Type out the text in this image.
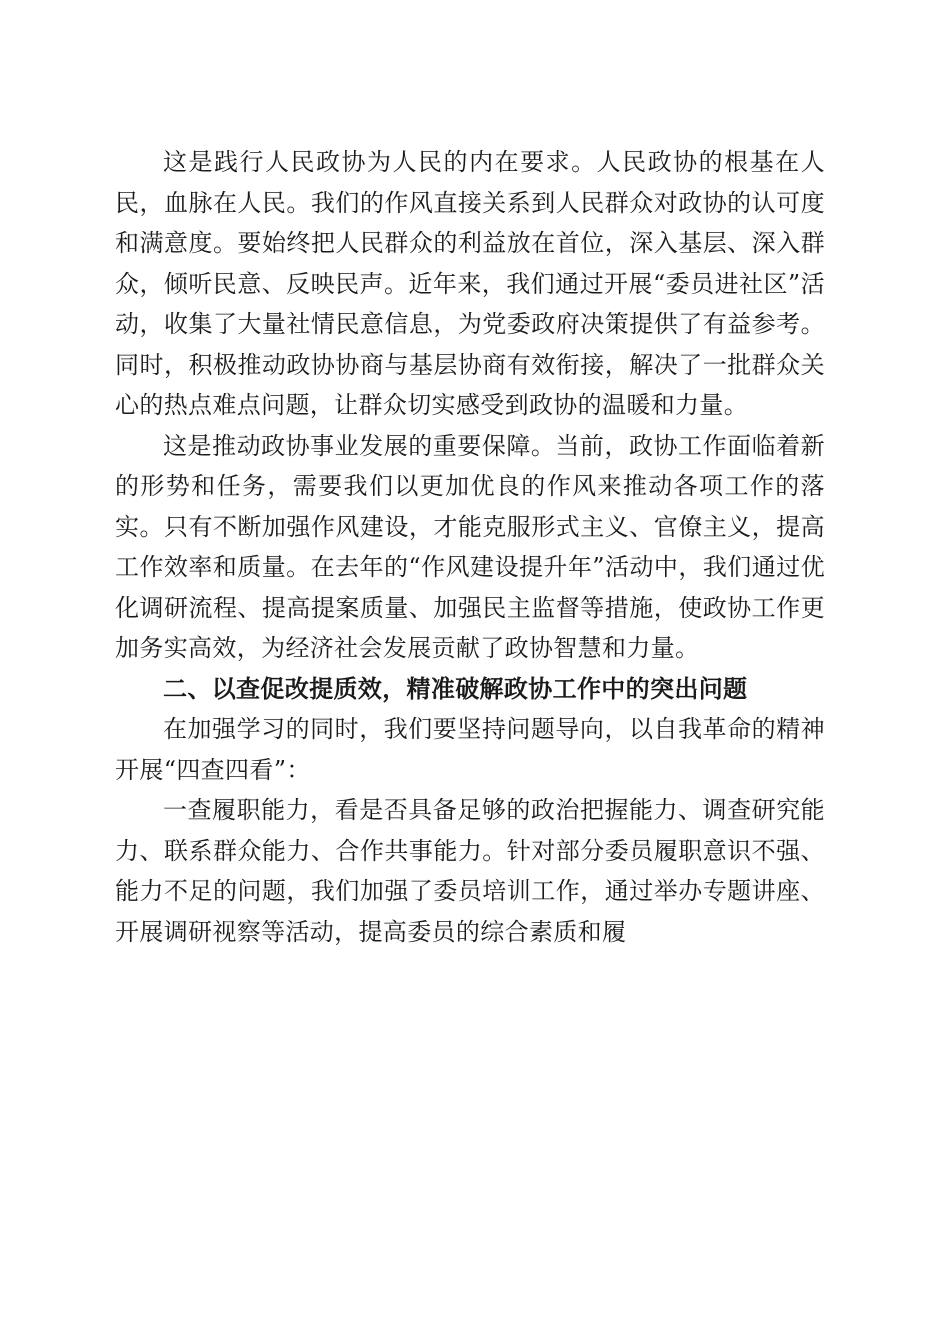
这是践行人民政协为人民的内在要求。人民政协的根基在人民，血脉在人民。我们的作风直接关系到人民群众对政协的认可度和满意度。要始终把人民群众的利益放在首位，深入基层、深入群众，倾听民意、反映民声。近年来，我们通过开展“委员进社区”活动，收集了大量社情民意信息，为党委政府决策提供了有益参考。同时，积极推动政协协商与基层协商有效衔接，解决了一批群众关心的热点难点问题，让群众切实感受到政协的温暖和力量。

这是推动政协事业发展的重要保障。当前，政协工作面临着新的形势和任务，需要我们以更加优良的作风来推动各项工作的落实。只有不断加强作风建设，才能克服形式主义、官僚主义，提高工作效率和质量。在去年的“作风建设提升年”活动中，我们通过优化调研流程、提高提案质量、加强民主监督等措施，使政协工作更加务实高效，为经济社会发展贡献了政协智慧和力量。

二、以查促改提质效，精准破解政协工作中的突出问题

在加强学习的同时，我们要坚持问题导向，以自我革命的精神开展“四查四看”：

一查履职能力，看是否具备足够的政治把握能力、调查研究能力、联系群众能力、合作共事能力。针对部分委员履职意识不强、能力不足的问题，我们加强了委员培训工作，通过举办专题讲座、开展调研视察等活动，提高委员的综合素质和履
